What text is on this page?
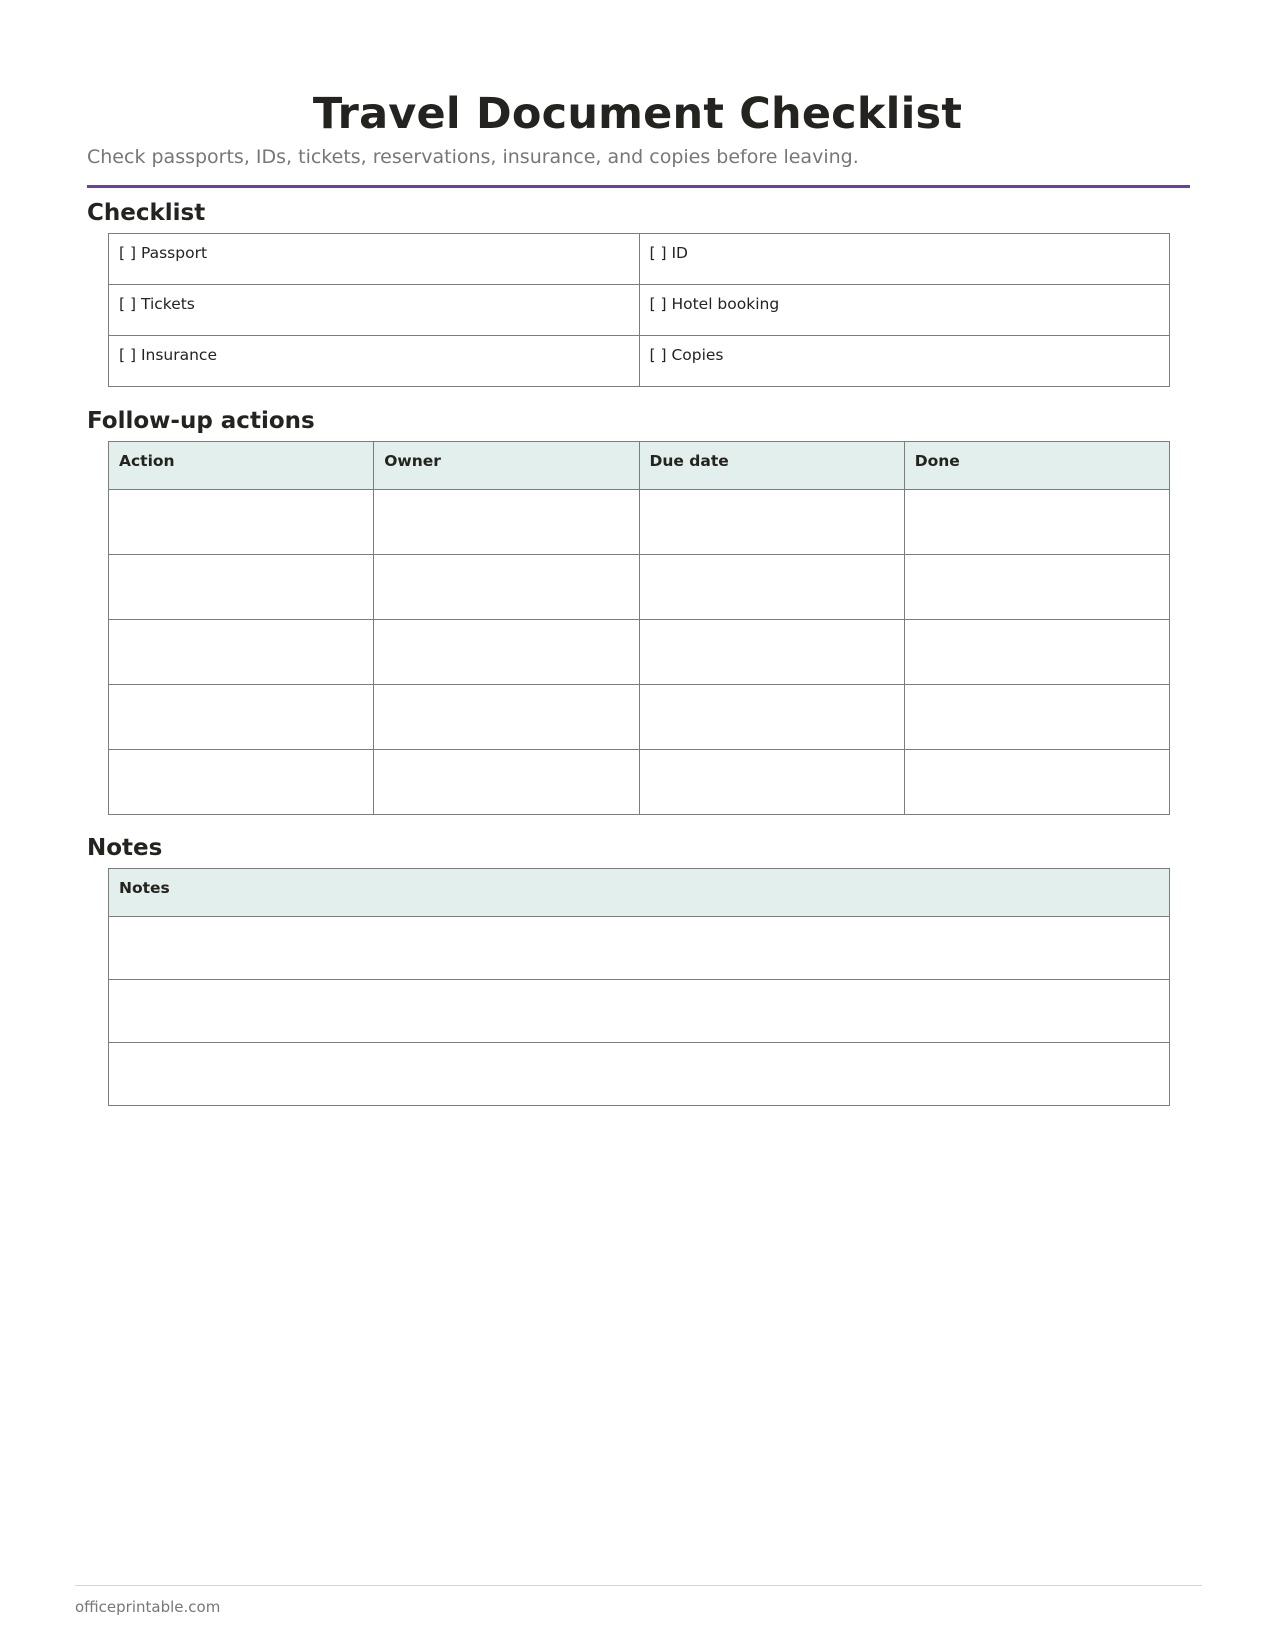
Travel Document Checklist
Check passports, IDs, tickets, reservations, insurance, and copies before leaving.
Checklist
[ ] Passport	[ ] ID
[ ] Tickets	[ ] Hotel booking
[ ] Insurance	[ ] Copies
Follow-up actions
Action	Owner	Due date	Done

Notes
Notes

officeprintable.com
